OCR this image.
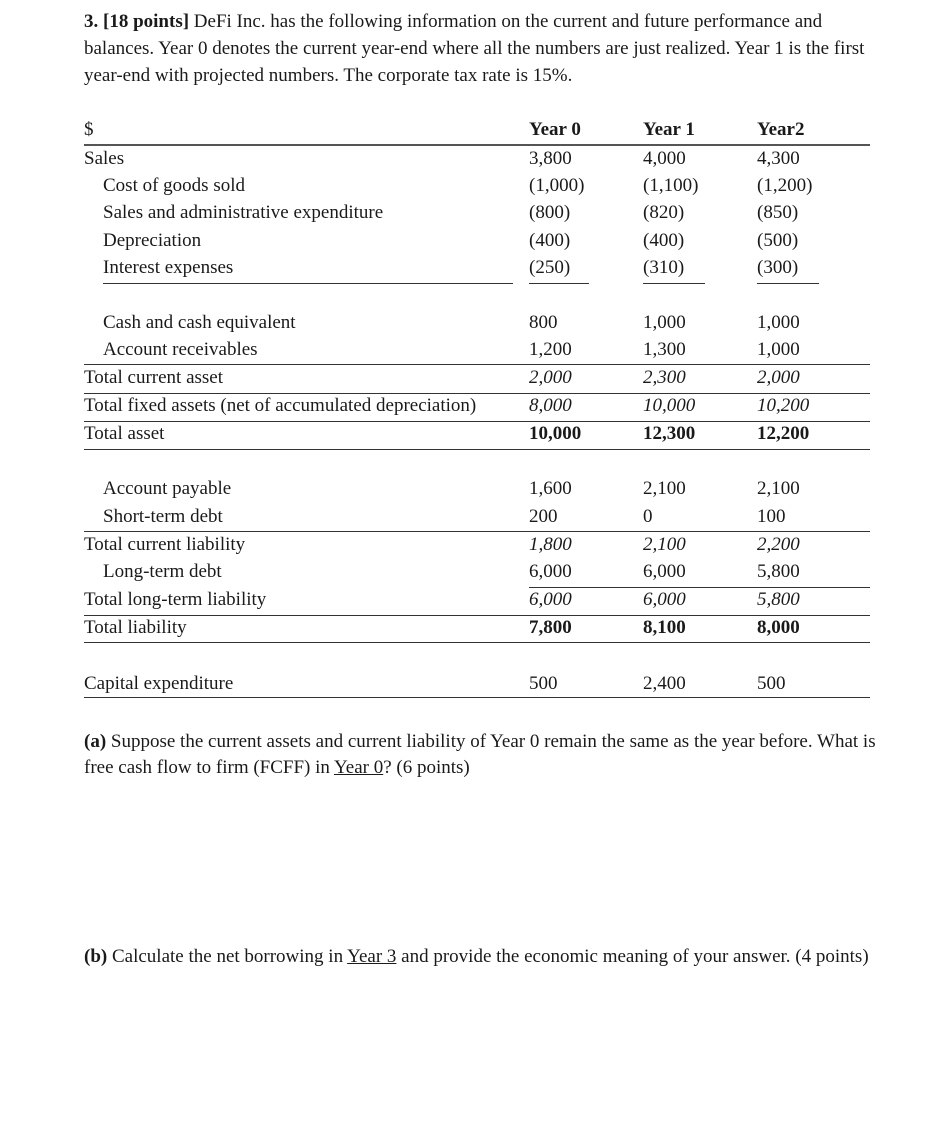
3. [18 points] DeFi Inc. has the following information on the current and future performance and balances. Year 0 denotes the current year-end where all the numbers are just realized. Year 1 is the first year-end with projected numbers. The corporate tax rate is 15%.
$	Year 0	Year 1	Year2
Sales	3,800	4,000	4,300
Cost of goods sold	(1,000)	(1,100)	(1,200)
Sales and administrative expenditure	(800)	(820)	(850)
Depreciation	(400)	(400)	(500)
Interest expenses	(250)	(310)	(300)
Cash and cash equivalent	800	1,000	1,000
Account receivables	1,200	1,300	1,000
Total current asset	2,000	2,300	2,000
Total fixed assets (net of accumulated depreciation)	8,000	10,000	10,200
Total asset	10,000	12,300	12,200
Account payable	1,600	2,100	2,100
Short-term debt	200	0	100
Total current liability	1,800	2,100	2,200
Long-term debt	6,000	6,000	5,800
Total long-term liability	6,000	6,000	5,800
Total liability	7,800	8,100	8,000
Capital expenditure	500	2,400	500
(a) Suppose the current assets and current liability of Year 0 remain the same as the year before. What is free cash flow to firm (FCFF) in Year 0? (6 points)
(b) Calculate the net borrowing in Year 3 and provide the economic meaning of your answer. (4 points)
